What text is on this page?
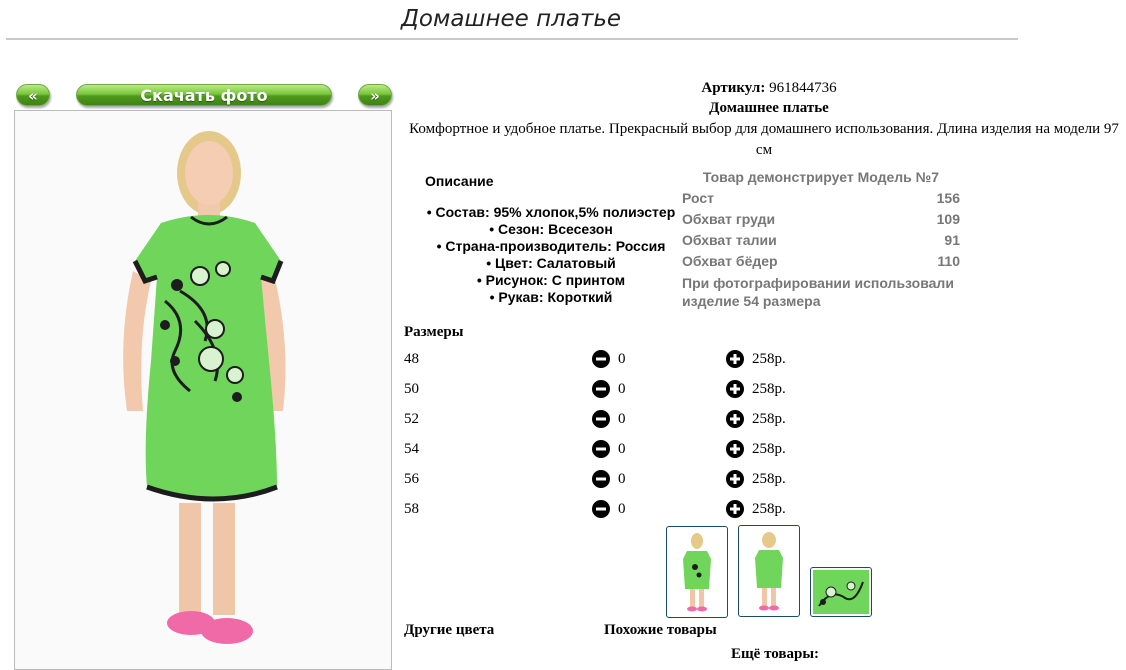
Домашнее платье
«	Скачать фото	»	Артикул: 961844736
Домашнее платье
Комфортное и удобное платье. Прекрасный выбор для домашнего использования. Длина изделия на модели 97 см
Описание
• Состав: 95% хлопок,5% полиэстер
• Сезон: Всесезон
• Страна-производитель: Россия
• Цвет: Салатовый
• Рисунок: С принтом
• Рукав: Короткий
Товар демонстрирует Модель №7
Рост	156
Обхват груди	109
Обхват талии	91
Обхват бёдер	110
При фотографировании использовали изделие 54 размера
Размеры
48	0	258р.
50	0	258р.
52	0	258р.
54	0	258р.
56	0	258р.
58	0	258р.
Другие цвета	Похожие товары
Ещё товары:
